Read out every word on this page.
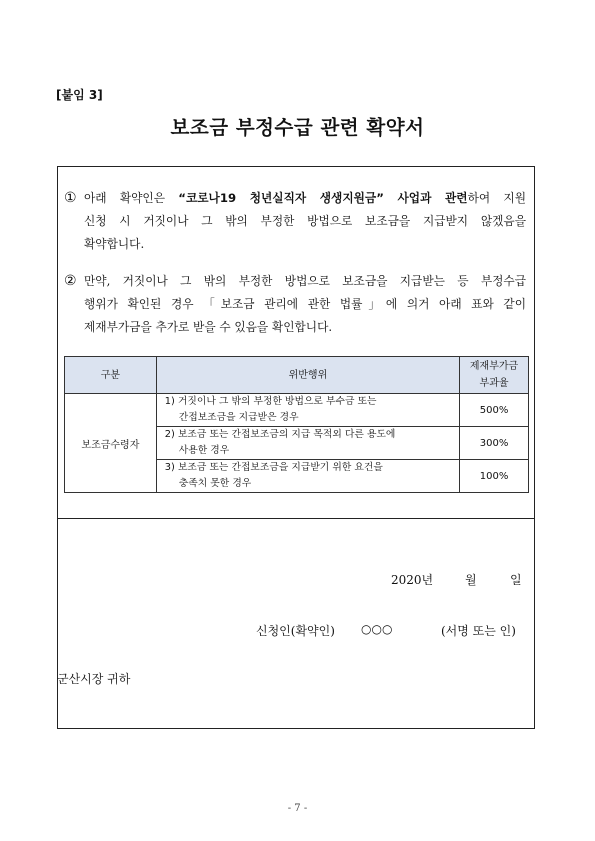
[붙임 3]
보조금 부정수급 관련 확약서
① 아래 확약인은 “코로나19 청년실직자 생생지원금” 사업과 관련하여 지원
신청 시 거짓이나 그 밖의 부정한 방법으로 보조금을 지급받지 않겠음을
확약합니다.
② 만약, 거짓이나 그 밖의 부정한 방법으로 보조금을 지급받는 등 부정수급
행위가 확인된 경우 「보조금 관리에 관한 법률」에 의거 아래 표와 같이
제재부가금을 추가로 받을 수 있음을 확인합니다.
구분	위반행위	제재부가금
부과율
보조금수령자	1) 거짓이나 그 밖의 부정한 방법으로 부수금 또는
간접보조금을 지급받은 경우	500%

	2) 보조금 또는 간접보조금의 지급 목적외 다른 용도에
사용한 경우	300%

	3) 보조금 또는 간접보조금을 지급받기 위한 요건을
충족치 못한 경우	100%
2020년	월	일
신청인(확약인) ○○○	(서명 또는 인)
군산시장 귀하
- 7 -
